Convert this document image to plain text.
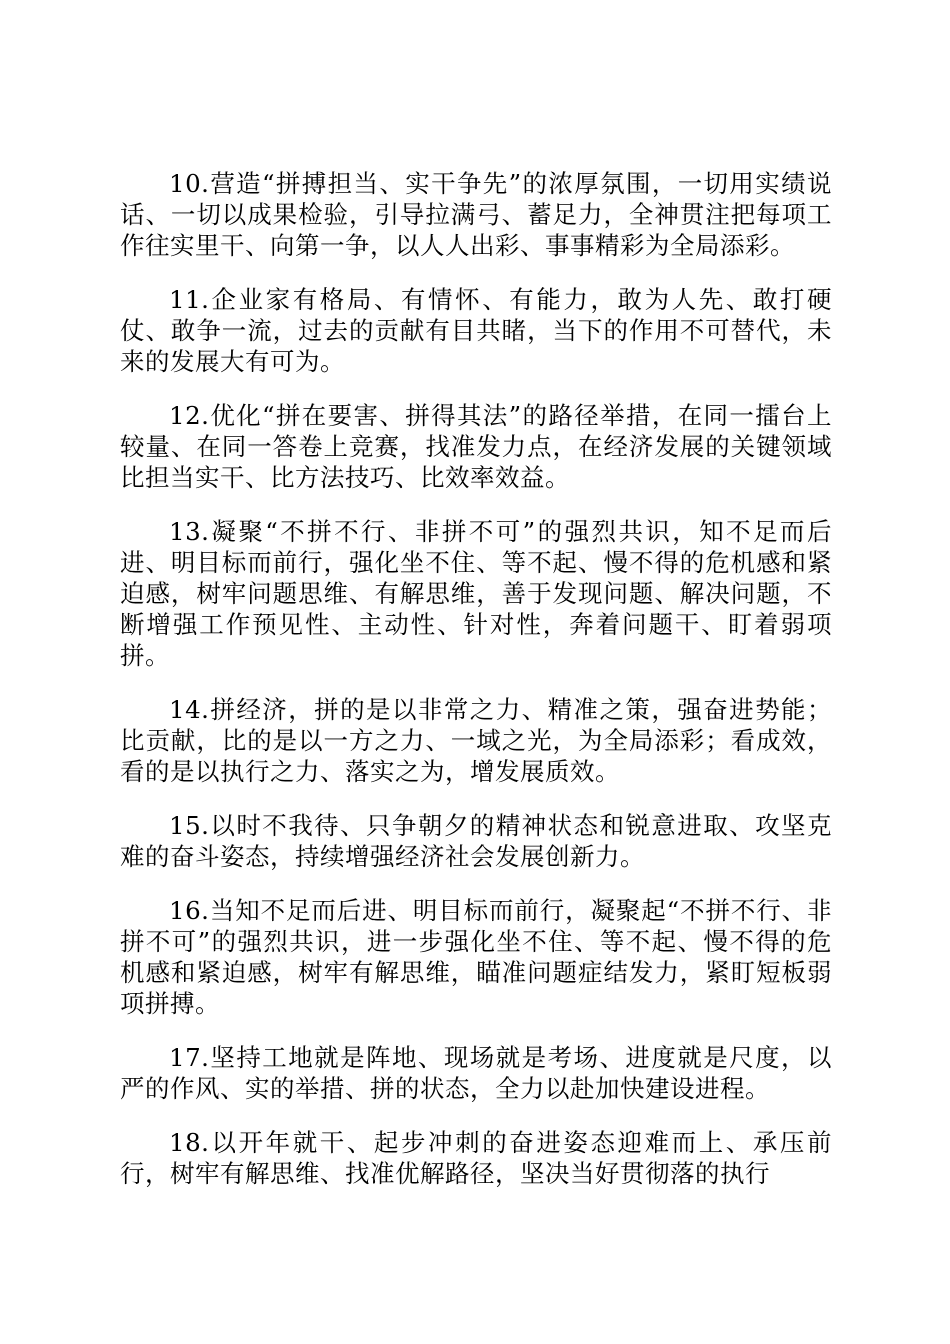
10.营造“拼搏担当、实干争先”的浓厚氛围，一切用实绩说话、一切以成果检验，引导拉满弓、蓄足力，全神贯注把每项工作往实里干、向第一争，以人人出彩、事事精彩为全局添彩。

11.企业家有格局、有情怀、有能力，敢为人先、敢打硬仗、敢争一流，过去的贡献有目共睹，当下的作用不可替代，未来的发展大有可为。

12.优化“拼在要害、拼得其法”的路径举措，在同一擂台上较量、在同一答卷上竞赛，找准发力点，在经济发展的关键领域比担当实干、比方法技巧、比效率效益。

13.凝聚“不拼不行、非拼不可”的强烈共识，知不足而后进、明目标而前行，强化坐不住、等不起、慢不得的危机感和紧迫感，树牢问题思维、有解思维，善于发现问题、解决问题，不断增强工作预见性、主动性、针对性，奔着问题干、盯着弱项拼。

14.拼经济，拼的是以非常之力、精准之策，强奋进势能；比贡献，比的是以一方之力、一域之光，为全局添彩；看成效，看的是以执行之力、落实之为，增发展质效。

15.以时不我待、只争朝夕的精神状态和锐意进取、攻坚克难的奋斗姿态，持续增强经济社会发展创新力。

16.当知不足而后进、明目标而前行，凝聚起“不拼不行、非拼不可”的强烈共识，进一步强化坐不住、等不起、慢不得的危机感和紧迫感，树牢有解思维，瞄准问题症结发力，紧盯短板弱项拼搏。

17.坚持工地就是阵地、现场就是考场、进度就是尺度，以严的作风、实的举措、拼的状态，全力以赴加快建设进程。

18.以开年就干、起步冲刺的奋进姿态迎难而上、承压前行，树牢有解思维、找准优解路径，坚决当好贯彻落的执行
